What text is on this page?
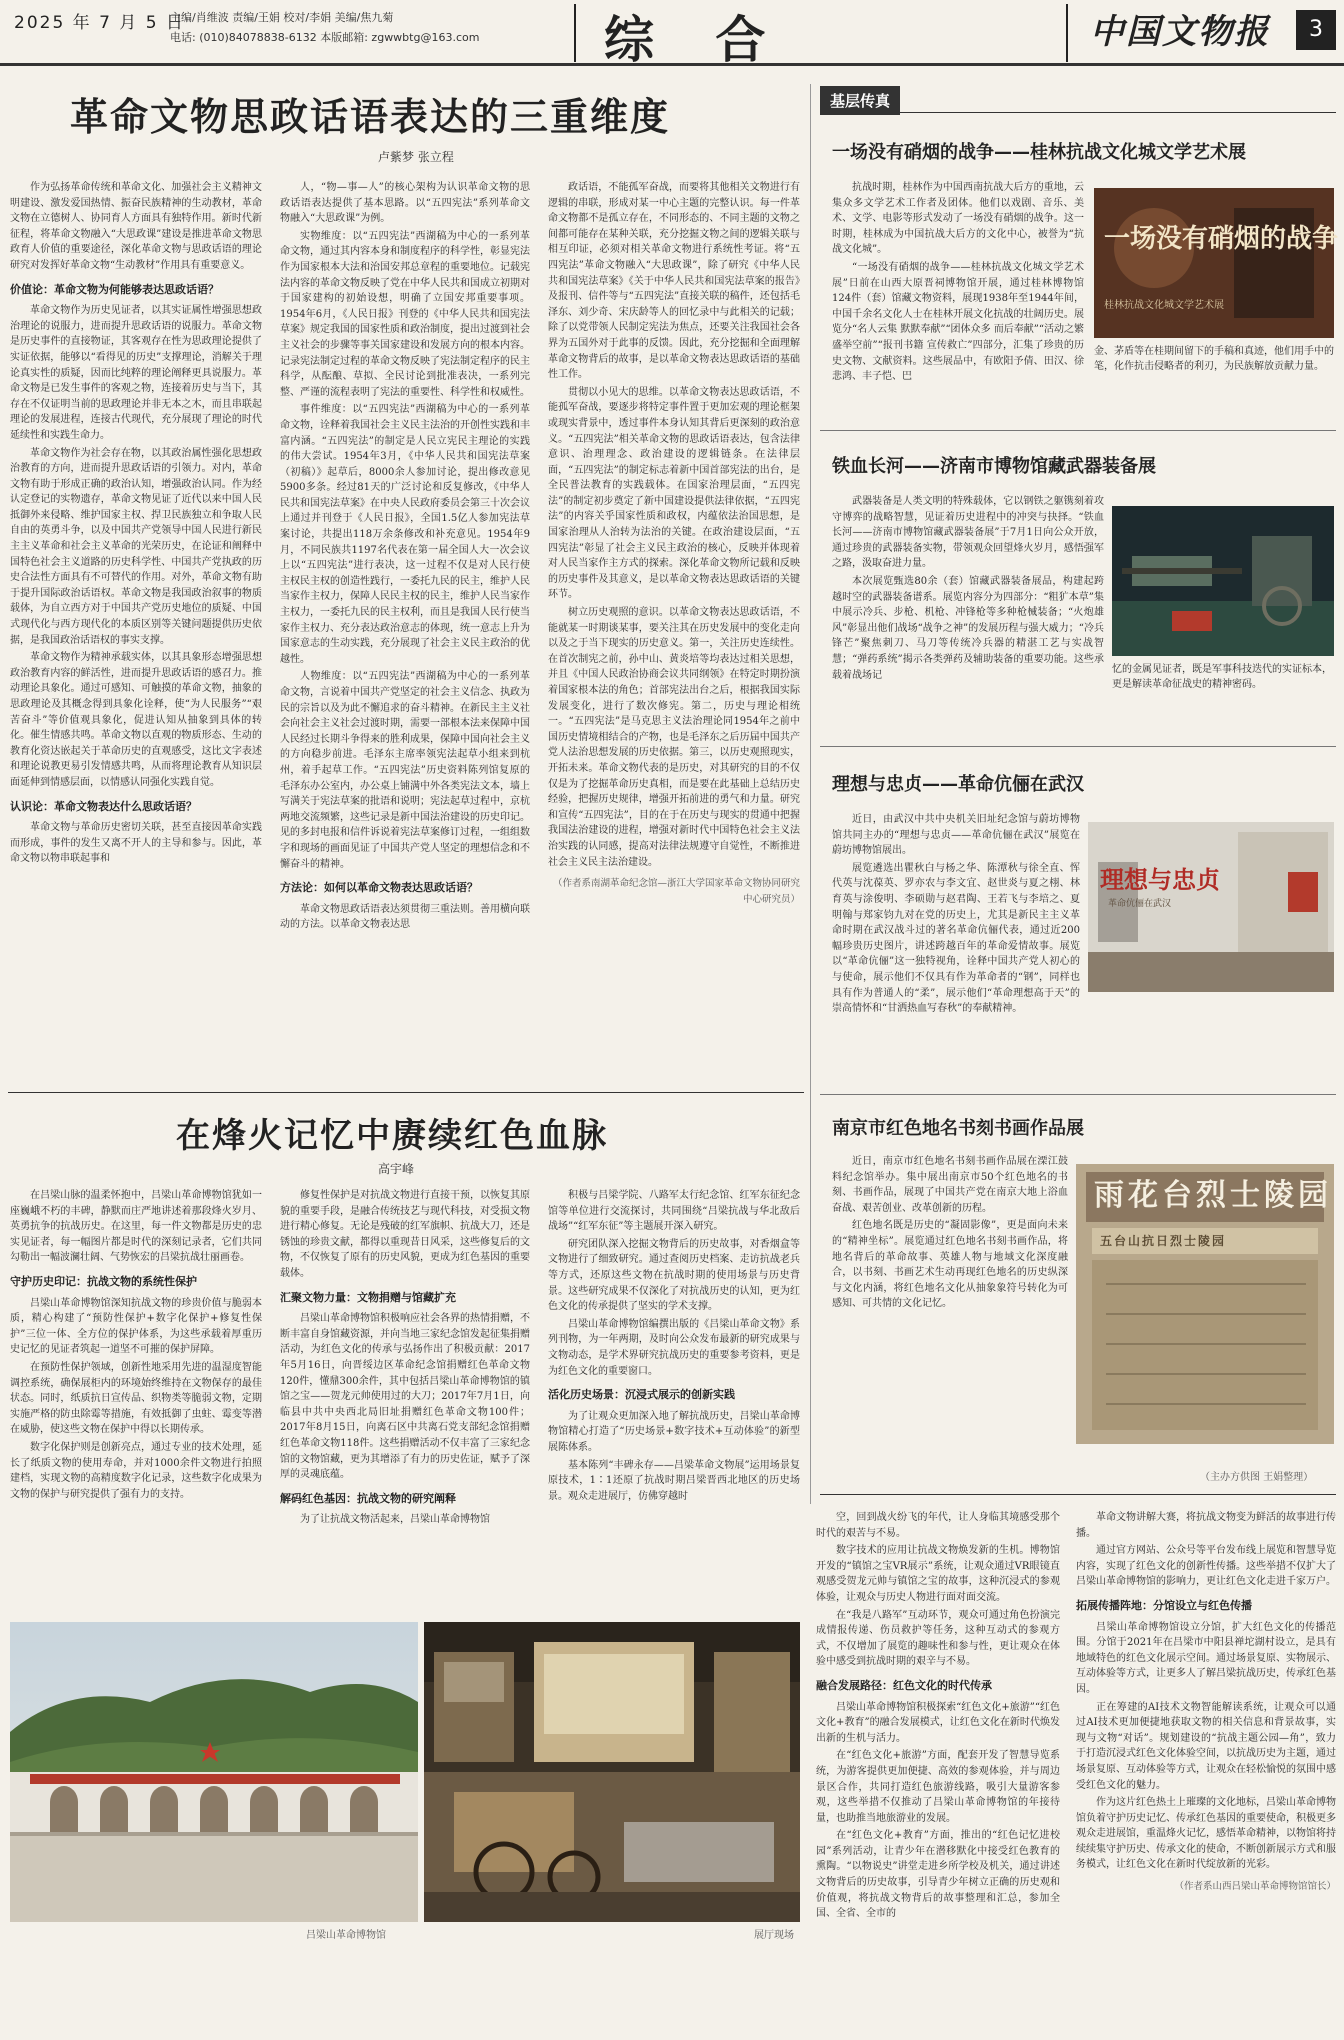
2025 年 7 月 5 日
主编/肖维波 责编/王娟 校对/李娟 美编/焦九菊
电话: (010)84078838-6132 本版邮箱: zgwwbtg@163.com	综 合	中国文物报	3
革命文物思政话语表达的三重维度
卢紫梦 张立程

作为弘扬革命传统和革命文化、加强社会主义精神文明建设、激发爱国热情、振奋民族精神的生动教材，革命文物在立德树人、协同育人方面具有独特作用。新时代新征程，将革命文物融入“大思政课”建设是推进革命文物思政育人价值的重要途径，深化革命文物与思政话语的理论研究对发挥好革命文物“生动教材”作用具有重要意义。

价值论：革命文物为何能够表达思政话语？

革命文物作为历史见证者，以其实证属性增强思想政治理论的说服力，进而提升思政话语的说服力。革命文物是历史事件的直接物证，其客观存在性为思政理论提供了实证依据，能够以“看得见的历史”支撑理论，消解关于理论真实性的质疑，因而比纯粹的理论阐释更具说服力。革命文物是已发生事件的客观之物，连接着历史与当下，其存在不仅证明当前的思政理论并非无本之木，而且串联起理论的发展进程，连接古代现代，充分展现了理论的时代延续性和实践生命力。

革命文物作为社会存在物，以其政治属性强化思想政治教育的方向，进而提升思政话语的引领力。对内，革命文物有助于形成正确的政治认知，增强政治认同。作为经认定登记的实物遗存，革命文物见证了近代以来中国人民抵御外来侵略、维护国家主权、捍卫民族独立和争取人民自由的英勇斗争，以及中国共产党领导中国人民进行新民主主义革命和社会主义革命的光荣历史，在论证和阐释中国特色社会主义道路的历史科学性、中国共产党执政的历史合法性方面具有不可替代的作用。对外，革命文物有助于提升国际政治话语权。革命文物是我国政治叙事的物质载体，为自立西方对于中国共产党历史地位的质疑、中国式现代化与西方现代化的本质区别等关键问题提供历史依据，是我国政治话语权的事实支撑。

革命文物作为精神承载实体，以其具象形态增强思想政治教育内容的鲜活性，进而提升思政话语的感召力。推动理论具象化。通过可感知、可触摸的革命文物，抽象的思政理论及其概念得到具象化诠释，使“为人民服务”“艰苦奋斗”等价值观具象化，促进认知从抽象到具体的转化。催生情感共鸣。革命文物以直观的物质形态、生动的教育化资达嵌起关于革命历史的直观感受，这比文字表述和理论说教更易引发情感共鸣，从而将理论教育从知识层面延伸到情感层面，以情感认同强化实践自觉。

认识论：革命文物表达什么思政话语？

革命文物与革命历史密切关联，甚至直接因革命实践而形成，事件的发生又离不开人的主导和参与。因此，革命文物以物串联起事和

人，“物—事—人”的核心架构为认识革命文物的思政话语表达提供了基本思路。以“五四宪法”系列革命文物融入“大思政课”为例。

实物维度：以“五四宪法”西湖稿为中心的一系列革命文物，通过其内容本身和制度程序的科学性，彰显宪法作为国家根本大法和治国安邦总章程的重要地位。记载宪法内容的革命文物反映了党在中华人民共和国成立初期对于国家建构的初始设想，明确了立国安邦重要事项。1954年6月，《人民日报》刊登的《中华人民共和国宪法草案》规定我国的国家性质和政治制度，提出过渡到社会主义社会的步骤等事关国家建设和发展方向的根本内容。记录宪法制定过程的革命文物反映了宪法制定程序的民主科学，从酝酿、草拟、全民讨论到批准表决，一系列完整、严谨的流程表明了宪法的重要性、科学性和权威性。

事件维度：以“五四宪法”西湖稿为中心的一系列革命文物，诠释着我国社会主义民主法治的开创性实践和丰富内涵。“五四宪法”的制定是人民立宪民主理论的实践的伟大尝试。1954年3月，《中华人民共和国宪法草案（初稿）》起草后，8000余人参加讨论，提出修改意见5900多条。经过81天的广泛讨论和反复修改，《中华人民共和国宪法草案》在中央人民政府委员会第三十次会议上通过并刊登于《人民日报》，全国1.5亿人参加宪法草案讨论，共提出118万余条修改和补充意见。1954年9月，不同民族共1197名代表在第一届全国人大一次会议上以“五四宪法”进行表决，这一过程不仅是对人民行使主权民主权的创造性践行，一委托九民的民主，维护人民当家作主权力，保障人民民主权的民主，维护人民当家作主权力，一委托九民的民主权利，而且是我国人民行使当家作主权力、充分表达政治意志的体现，统一意志上升为国家意志的生动实践，充分展现了社会主义民主政治的优越性。

人物维度：以“五四宪法”西湖稿为中心的一系列革命文物，言说着中国共产党坚定的社会主义信念、执政为民的宗旨以及为此不懈追求的奋斗精神。在新民主主义社会向社会主义社会过渡时期，需要一部根本法来保障中国人民经过长期斗争得来的胜利成果，保障中国向社会主义的方向稳步前进。毛泽东主席率领宪法起草小组来到杭州，着手起草工作。“五四宪法”历史资料陈列馆复原的毛泽东办公室内，办公桌上铺满中外各类宪法文本，墙上写满关于宪法草案的批语和说明；宪法起草过程中，京杭两地交流频繁，这些记录是新中国法治建设的历史印记。见的多封电报和信件诉说着宪法草案修订过程，一组组数字和现场的画面见证了中国共产党人坚定的理想信念和不懈奋斗的精神。

方法论：如何以革命文物表达思政话语？

革命文物思政话语表达须贯彻三重法则。善用横向联动的方法。以革命文物表达思

政话语，不能孤军奋战，而要将其他相关文物进行有逻辑的串联，形成对某一中心主题的完整认识。每一件革命文物都不是孤立存在，不同形态的、不同主题的文物之间都可能存在某种关联，充分挖掘文物之间的逻辑关联与相互印证，必须对相关革命文物进行系统性考证。将“五四宪法”革命文物融入“大思政课”，除了研究《中华人民共和国宪法草案》《关于中华人民共和国宪法草案的报告》及报刊、信件等与“五四宪法”直接关联的稿件，还包括毛泽东、刘少奇、宋庆龄等人的回忆录中与此相关的记载；除了以党带领人民制定宪法为焦点，还要关注我国社会各界为五国外对于此事的反馈。因此，充分挖掘和全面理解革命文物背后的故事，是以革命文物表达思政话语的基础性工作。

贯彻以小见大的思维。以革命文物表达思政话语，不能孤军奋战，要逐步将特定事件置于更加宏观的理论框架或现实背景中，透过事件本身认知其背后更深刻的政治意义。“五四宪法”相关革命文物的思政话语表达，包含法律意识、治理理念、政治建设的逻辑链条。在法律层面，“五四宪法”的制定标志着新中国首部宪法的出台，是全民普法教育的实践载体。在国家治理层面，“五四宪法”的制定初步奠定了新中国建设提供法律依据，“五四宪法”的内容关乎国家性质和政权，内蕴依法治国思想，是国家治理从人治转为法治的关键。在政治建设层面，“五四宪法”彰显了社会主义民主政治的核心，反映并体现着对人民当家作主方式的探索。深化革命文物所记载和反映的历史事件及其意义，是以革命文物表达思政话语的关键环节。

树立历史观照的意识。以革命文物表达思政话语，不能就某一时期谈某事，要关注其在历史发展中的变化走向以及之于当下现实的历史意义。第一，关注历史连续性。在首次制宪之前，孙中山、黄炎培等均表达过相关思想，并且《中国人民政治协商会议共同纲领》在特定时期扮演着国家根本法的角色；首部宪法出台之后，根据我国实际发展变化，进行了数次修宪。第二，历史与理论相统一。“五四宪法”是马克思主义法治理论同1954年之前中国历史情境相结合的产物，也是毛泽东之后历届中国共产党人法治思想发展的历史依据。第三，以历史观照现实，开拓未来。革命文物代表的是历史，对其研究的目的不仅仅是为了挖掘革命历史真相，而是要在此基础上总结历史经验，把握历史规律，增强开拓前进的勇气和力量。研究和宣传“五四宪法”，目的在于在历史与现实的贯通中把握我国法治建设的进程，增强对新时代中国特色社会主义法治实践的认同感，提高对法律法规遵守自觉性，不断推进社会主义民主法治建设。

（作者系南湖革命纪念馆—浙江大学国家革命文物协同研究中心研究员）

在烽火记忆中赓续红色血脉
高宇峰

在吕梁山脉的温柔怀抱中，吕梁山革命博物馆犹如一座巍峨不朽的丰碑，静默而庄严地讲述着那段烽火岁月、英勇抗争的抗战历史。在这里，每一件文物都是历史的忠实见证者，每一幅图片都是时代的深刻记录者，它们共同勾勒出一幅波澜壮阔、气势恢宏的吕梁抗战壮丽画卷。

守护历史印记：抗战文物的系统性保护

吕梁山革命博物馆深知抗战文物的珍贵价值与脆弱本质，精心构建了“预防性保护+数字化保护+修复性保护”三位一体、全方位的保护体系，为这些承载着厚重历史记忆的见证者筑起一道坚不可摧的保护屏障。

在预防性保护领域，创新性地采用先进的温湿度智能调控系统，确保展柜内的环境始终维持在文物保存的最佳状态。同时，纸质抗日宣传品、织物类等脆弱文物，定期实施严格的防虫除霉等措施，有效抵御了虫蛀、霉变等潜在威胁，使这些文物在保护中得以长期传承。

数字化保护则是创新亮点，通过专业的技术处理，延长了纸质文物的使用寿命，并对1000余件文物进行拍照建档，实现文物的高精度数字化记录，这些数字化成果为文物的保护与研究提供了强有力的支持。

修复性保护是对抗战文物进行直接干预，以恢复其原貌的重要手段，是融合传统技艺与现代科技，对受损文物进行精心修复。无论是残破的红军旗帜、抗战大刀，还是锈蚀的珍贵文献，都得以重现昔日风采，这些修复后的文物，不仅恢复了原有的历史风貌，更成为红色基因的重要载体。

汇聚文物力量：文物捐赠与馆藏扩充

吕梁山革命博物馆积极响应社会各界的热情捐赠，不断丰富自身馆藏资源，并向当地三家纪念馆发起征集捐赠活动，为红色文化的传承与弘扬作出了积极贡献：2017年5月16日，向晋绥边区革命纪念馆捐赠红色革命文物120件，懂鼎300余件，其中包括吕梁山革命博物馆的镇馆之宝——贺龙元帅使用过的大刀；2017年7月1日，向临县中共中央西北局旧址捐赠红色革命文物100件；2017年8月15日，向离石区中共离石党支部纪念馆捐赠红色革命文物118件。这些捐赠活动不仅丰富了三家纪念馆的文物馆藏，更为其增添了有力的历史佐证，赋予了深厚的灵魂底蕴。

解码红色基因：抗战文物的研究阐释

为了让抗战文物活起来，吕梁山革命博物馆

积极与吕梁学院、八路军太行纪念馆、红军东征纪念馆等单位进行交流探讨，共同围绕“吕梁抗战与华北敌后战场”“红军东征”等主题展开深入研究。

研究团队深入挖掘文物背后的历史故事，对香烟盒等文物进行了细致研究。通过查阅历史档案、走访抗战老兵等方式，还原这些文物在抗战时期的使用场景与历史背景。这些研究成果不仅深化了对抗战历史的认知，更为红色文化的传承提供了坚实的学术支撑。

吕梁山革命博物馆编撰出版的《吕梁山革命文物》系列刊物，为一年两期，及时向公众发布最新的研究成果与文物动态，是学术界研究抗战历史的重要参考资料，更是为红色文化的重要窗口。

活化历史场景：沉浸式展示的创新实践

为了让观众更加深入地了解抗战历史，吕梁山革命博物馆精心打造了“历史场景+数字技术+互动体验”的新型展陈体系。

基本陈列“丰碑永存——吕梁革命文物展”运用场景复原技术，1∶1还原了抗战时期吕梁晋西北地区的历史场景。观众走进展厅，仿佛穿越时

空，回到战火纷飞的年代，让人身临其境感受那个时代的艰苦与不易。

数字技术的应用让抗战文物焕发新的生机。博物馆开发的“镇馆之宝VR展示”系统，让观众通过VR眼镜直观感受贺龙元帅与镇馆之宝的故事，这种沉浸式的参观体验，让观众与历史人物进行面对面交流。

在“我是八路军”互动环节，观众可通过角色扮演完成情报传递、伤员救护等任务，这种互动式的参观方式，不仅增加了展览的趣味性和参与性，更让观众在体验中感受到抗战时期的艰辛与不易。

融合发展路径：红色文化的时代传承

吕梁山革命博物馆积极探索“红色文化+旅游”“红色文化+教育”的融合发展模式，让红色文化在新时代焕发出新的生机与活力。

在“红色文化+旅游”方面，配套开发了智慧导览系统，为游客提供更加便捷、高效的参观体验，并与周边景区合作，共同打造红色旅游线路，吸引大量游客参观，这些举措不仅推动了吕梁山革命博物馆的年接待量，也助推当地旅游业的发展。

在“红色文化+教育”方面，推出的“红色记忆进校园”系列活动，让青少年在潜移默化中接受红色教育的熏陶。“以物说史”讲堂走进乡所学校及机关，通过讲述文物背后的历史故事，引导青少年树立正确的历史观和价值观，将抗战文物背后的故事整理和汇总，参加全国、全省、全市的

革命文物讲解大赛，将抗战文物变为鲜活的故事进行传播。

通过官方网站、公众号等平台发布线上展览和智慧导览内容，实现了红色文化的创新性传播。这些举措不仅扩大了吕梁山革命博物馆的影响力，更让红色文化走进千家万户。

拓展传播阵地：分馆设立与红色传播

吕梁山革命博物馆设立分馆，扩大红色文化的传播范围。分馆于2021年在吕梁市中阳县禅坨湖村设立，是具有地域特色的红色文化展示空间。通过场景复原、实物展示、互动体验等方式，让更多人了解吕梁抗战历史，传承红色基因。

正在筹建的AI技术文物智能解读系统，让观众可以通过AI技术更加便捷地获取文物的相关信息和背景故事，实现与文物“对话”。规划建设的“抗战主题公园—角”，致力于打造沉浸式红色文化体验空间，以抗战历史为主题，通过场景复原、互动体验等方式，让观众在轻松愉悦的氛围中感受红色文化的魅力。

作为这片红色热土上璀璨的文化地标，吕梁山革命博物馆负着守护历史记忆、传承红色基因的重要使命，积极更多观众走进展馆，重温烽火记忆，感悟革命精神，以物馆将持续续集守护历史、传承文化的使命，不断创新展示方式和服务模式，让红色文化在新时代绽放新的光彩。

（作者系山西吕梁山革命博物馆馆长）

吕梁山革命博物馆	展厅现场
基层传真
一场没有硝烟的战争——桂林抗战文化城文学艺术展

抗战时期，桂林作为中国西南抗战大后方的重地，云集众多文学艺术工作者及团体。他们以戏剧、音乐、美术、文学、电影等形式发动了一场没有硝烟的战争。这一时期，桂林成为中国抗战大后方的文化中心，被誉为“抗战文化城”。

“一场没有硝烟的战争——桂林抗战文化城文学艺术展”日前在山西大原晋祠博物馆开展，通过桂林博物馆124件（套）馆藏文物资料，展现1938年至1944年间，中国千余名文化人士在桂林开展文化抗战的壮阔历史。展览分“名人云集 默默奉献”“团体众多 而后奉献”“活动之繁 盛举空前”“报刊书籍 宣传救亡”四部分，汇集了珍贵的历史文物、文献资料。这些展品中，有欧阳予倩、田汉、徐悲鸿、丰子恺、巴

一场没有硝烟的战争
桂林抗战文化城文学艺术展
金、茅盾等在桂期间留下的手稿和真迹，他们用手中的笔，化作抗击侵略者的利刃，为民族解放贡献力量。
铁血长河——济南市博物馆藏武器装备展

武器装备是人类文明的特殊载体，它以钢铁之躯镌刻着攻守博弈的战略智慧，见证着历史进程中的冲突与抉择。“铁血长河——济南市博物馆藏武器装备展”于7月1日向公众开放，通过珍贵的武器装备实物，带领观众回望烽火岁月，感悟强军之路，汲取奋进力量。

本次展览甄选80余（套）馆藏武器装备展品，构建起跨越时空的武器装备谱系。展览内容分为四部分：“粗犷本草”集中展示冷兵、步枪、机枪、冲锋枪等多种枪械装备；“火炮雄风”彰显出他们战场“战争之神”的发展历程与强大威力；“冷兵锋芒”聚焦刺刀、马刀等传统冷兵器的精湛工艺与实战智慧；“弹药系统”揭示各类弹药及辅助装备的重要功能。这些承载着战场记

忆的金属见证者，既是军事科技迭代的实证标本，更是解读革命征战史的精神密码。
理想与忠贞——革命伉俪在武汉

近日，由武汉中共中央机关旧址纪念馆与蔚坊博物馆共同主办的“理想与忠贞——革命伉俪在武汉”展览在蔚坊博物馆展出。

展览遴选出瞿秋白与杨之华、陈潭秋与徐全直、恽代英与沈葆英、罗亦农与李文宜、赵世炎与夏之栩、林育英与涂俊明、李硕勋与赵君陶、王若飞与李培之、夏明翰与郑家钧九对在党的历史上，尤其是新民主主义革命时期在武汉战斗过的著名革命伉俪代表，通过近200幅珍贵历史图片，讲述跨越百年的革命爱情故事。展览以“革命伉俪”这一独特视角，诠释中国共产党人初心的与使命，展示他们不仅具有作为革命者的“钢”，同样也具有作为普通人的“柔”，展示他们“革命理想高于天”的崇高情怀和“甘洒热血写春秋”的奉献精神。

理想与忠贞
革命伉俪在武汉
南京市红色地名书刻书画作品展

近日，南京市红色地名书刻书画作品展在溧江鼓料纪念馆举办。集中展出南京市50个红色地名的书刻、书画作品，展现了中国共产党在南京大地上浴血奋战、艰苦创业、改革创新的历程。

红色地名既是历史的“凝固影像”，更是面向未来的“精神坐标”。展览通过红色地名书刻书画作品，将地名背后的革命故事、英雄人物与地域文化深度融合，以书刻、书画艺术生动再现红色地名的历史纵深与文化内涵，将红色地名文化从抽象象符号转化为可感知、可共情的文化记忆。

雨花台烈士陵园
五台山抗日烈士陵园
（主办方供图 王娟整理）
